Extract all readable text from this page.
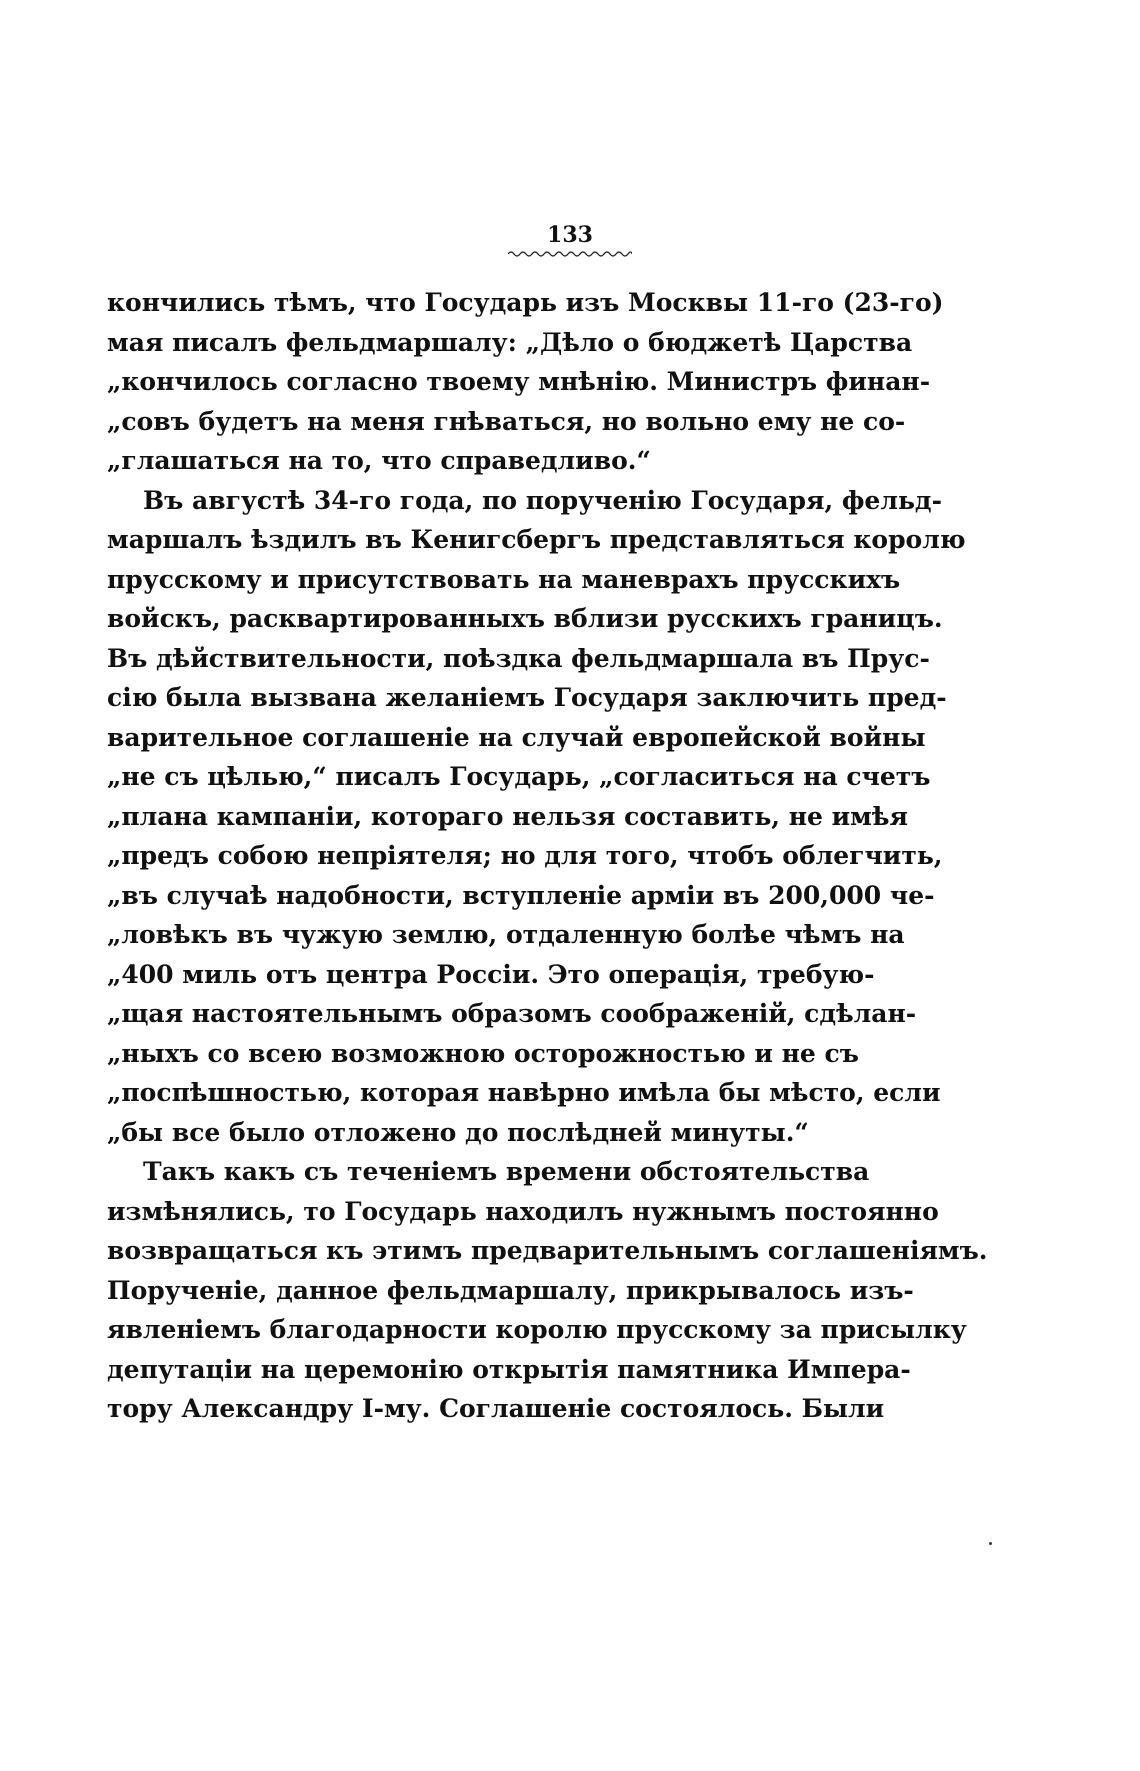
133
кончились тѣмъ, что Государь изъ Москвы 11-го (23-го)
мая писалъ фельдмаршалу: „Дѣло о бюджетѣ Царства
„кончилось согласно твоему мнѣнію. Министръ финан-
„совъ будетъ на меня гнѣваться, но вольно ему не со-
„глашаться на то, что справедливо.“
Въ августѣ 34-го года, по порученію Государя, фельд-
маршалъ ѣздилъ въ Кенигсбергъ представляться королю
прусскому и присутствовать на маневрахъ прусскихъ
войскъ, расквартированныхъ вблизи русскихъ границъ.
Въ дѣйствительности, поѣздка фельдмаршала въ Прус-
сію была вызвана желаніемъ Государя заключить пред-
варительное соглашеніе на случай европейской войны
„не съ цѣлью,“ писалъ Государь, „согласиться на счетъ
„плана кампаніи, котораго нельзя составить, не имѣя
„предъ собою непріятеля; но для того, чтобъ облегчить,
„въ случаѣ надобности, вступленіе арміи въ 200,000 че-
„ловѣкъ въ чужую землю, отдаленную болѣе чѣмъ на
„400 миль отъ центра Россіи. Это операція, требую-
„щая настоятельнымъ образомъ соображеній, сдѣлан-
„ныхъ со всею возможною осторожностью и не съ
„поспѣшностью, которая навѣрно имѣла бы мѣсто, если
„бы все было отложено до послѣдней минуты.“
Такъ какъ съ теченіемъ времени обстоятельства
измѣнялись, то Государь находилъ нужнымъ постоянно
возвращаться къ этимъ предварительнымъ соглашеніямъ.
Порученіе, данное фельдмаршалу, прикрывалось изъ-
явленіемъ благодарности королю прусскому за присылку
депутаціи на церемонію открытія памятника Импера-
тору Александру I-му. Соглашеніе состоялось. Были
